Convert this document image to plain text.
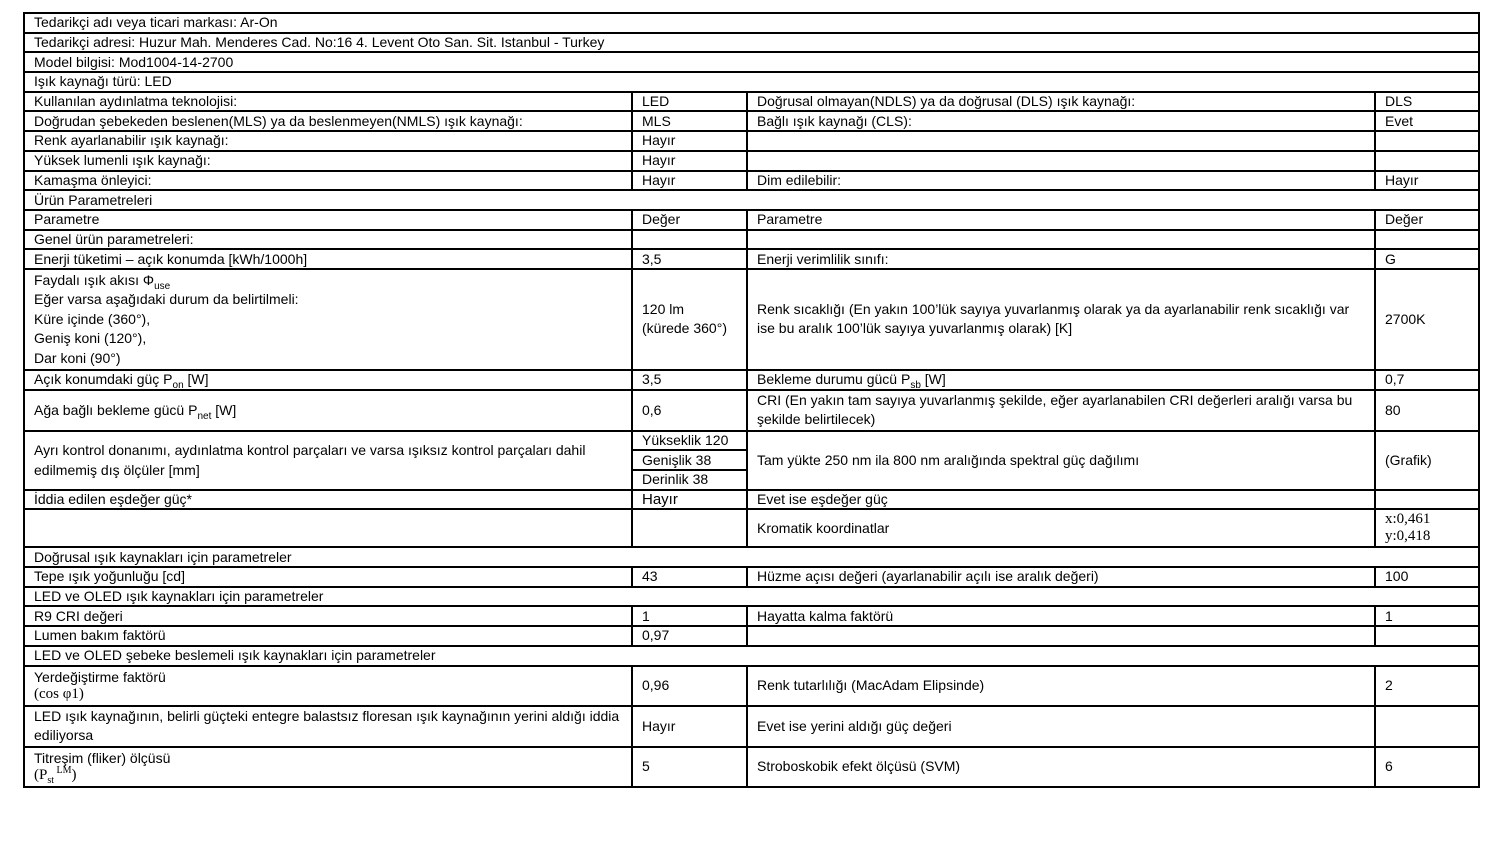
Tedarikçi adı veya ticari markası: Ar-On			
Tedarikçi adresi: Huzur Mah. Menderes Cad. No:16 4. Levent Oto San. Sit. Istanbul - Turkey			
Model bilgisi: Mod1004-14-2700			
Işık kaynağı türü: LED			
Kullanılan aydınlatma teknolojisi:	LED	Doğrusal olmayan(NDLS) ya da doğrusal (DLS) ışık kaynağı:	DLS
Doğrudan şebekeden beslenen(MLS) ya da beslenmeyen(NMLS) ışık kaynağı:	MLS	Bağlı ışık kaynağı (CLS):	Evet
Renk ayarlanabilir ışık kaynağı:	Hayır		
Yüksek lumenli ışık kaynağı:	Hayır		
Kamaşma önleyici:	Hayır	Dim edilebilir:	Hayır
Ürün Parametreleri			
Parametre	Değer	Parametre	Değer
Genel ürün parametreleri:			
Enerji tüketimi – açık konumda [kWh/1000h]	3,5	Enerji verimlilik sınıfı:	G

Faydalı ışık akısı $\Phi_{use}$
Eğer varsa aşağıdaki durum da belirtilmeli:
Küre içinde (360°),
Geniş koni (120°),
Dar koni (90°)	120 lm
(kürede 360°)	Renk sıcaklığı (En yakın 100’lük sayıya yuvarlanmış olarak ya da ayarlanabilir renk sıcaklığı var ise bu aralık 100’lük sayıya yuvarlanmış olarak) [K]	2700K
Açık konumdaki güç $P_{on}$ [W]	3,5	Bekleme durumu gücü $P_{sb}$ [W]	0,7
Ağa bağlı bekleme gücü $P_{net}$ [W]	0,6	CRI (En yakın tam sayıya yuvarlanmış şekilde, eğer ayarlanabilen CRI değerleri aralığı varsa bu şekilde belirtilecek)	80
Ayrı kontrol donanımı, aydınlatma kontrol parçaları ve varsa ışıksız kontrol parçaları dahil edilmemiş dış ölçüler [mm]	Yükseklik 120	Tam yükte 250 nm ila 800 nm aralığında spektral güç dağılımı	(Grafik)
	Genişlik 38		
	Derinlik 38		
İddia edilen eşdeğer güç*	Hayır	Evet ise eşdeğer güç	
		Kromatik koordinatlar	x:0,461
y:0,418

Doğrusal ışık kaynakları için parametreler			
Tepe ışık yoğunluğu [cd]	43	Hüzme açısı değeri (ayarlanabilir açılı ise aralık değeri)	100
LED ve OLED ışık kaynakları için parametreler			
R9 CRI değeri	1	Hayatta kalma faktörü	1
Lumen bakım faktörü	0,97		
LED ve OLED şebeke beslemeli ışık kaynakları için parametreler			

Yerdeğiştirme faktörü
(cos φ1)	0,96	Renk tutarlılığı (MacAdam Elipsinde)	2
LED ışık kaynağının, belirli güçteki entegre balastsız floresan ışık kaynağının yerini aldığı iddia ediliyorsa	Hayır	Evet ise yerini aldığı güç değeri	

Titreşim (fliker) ölçüsü
($P_{st}$ $^{LM}$)	5	Stroboskobik efekt ölçüsü (SVM)	6
